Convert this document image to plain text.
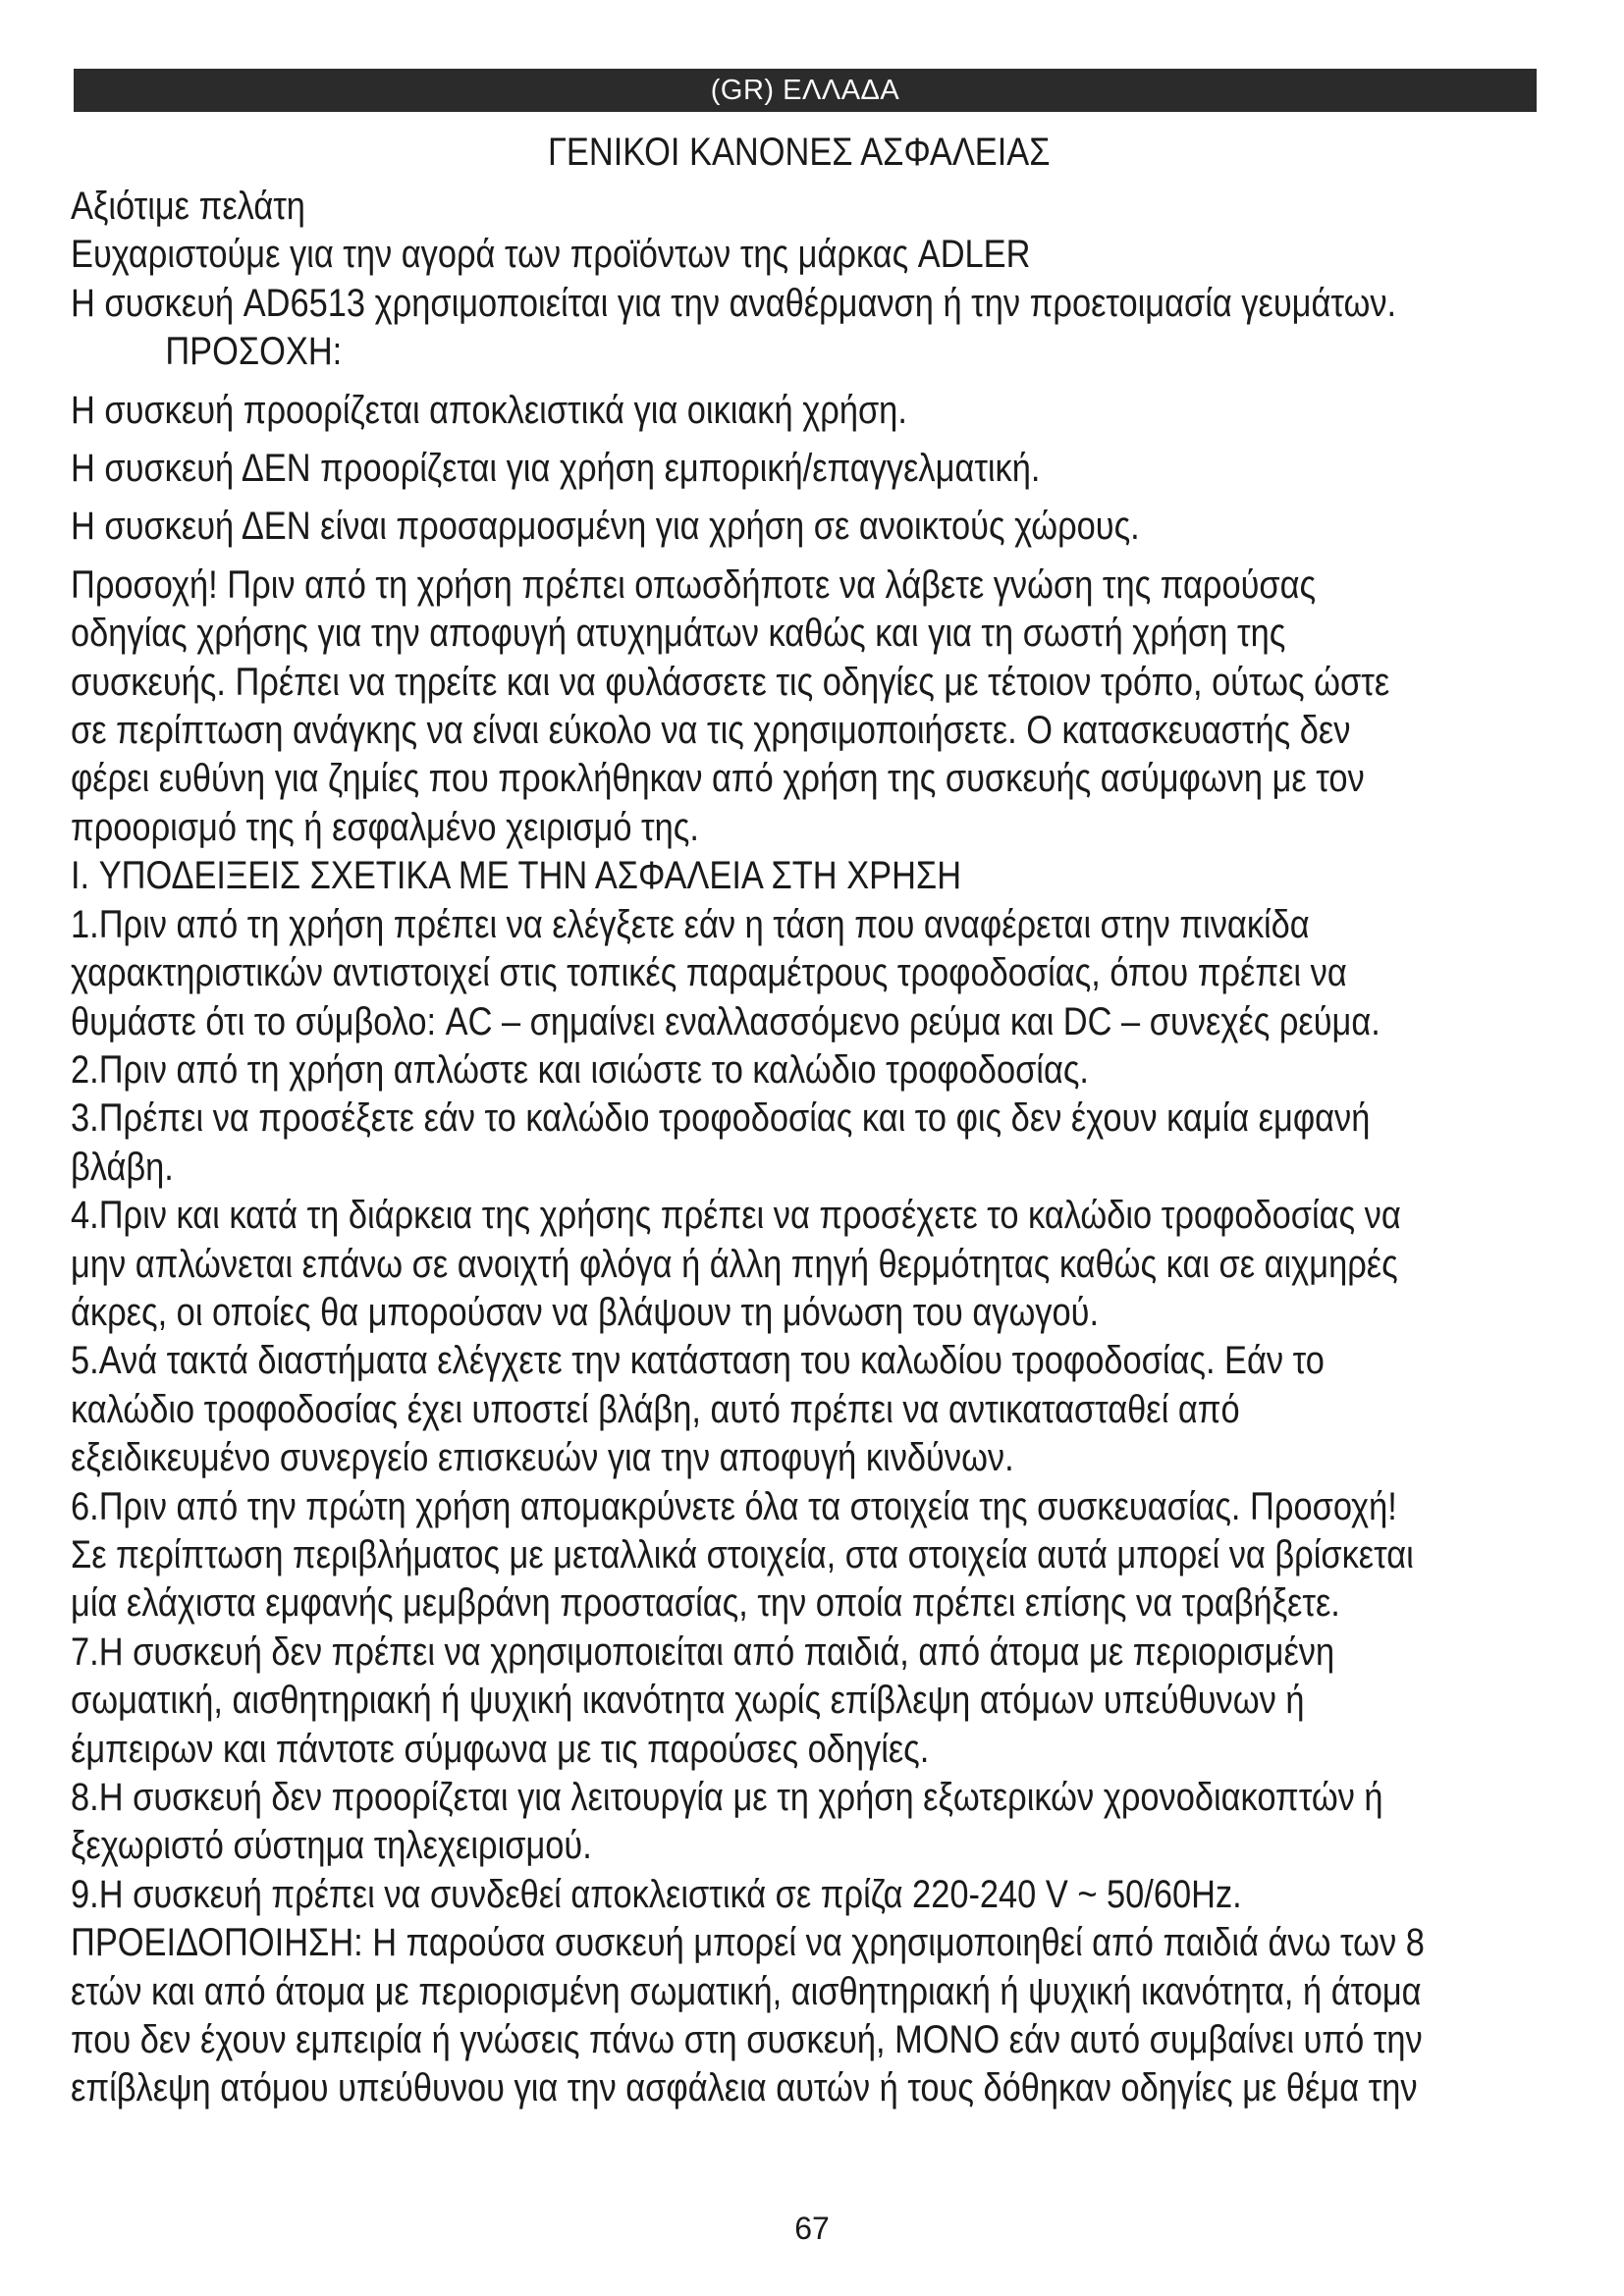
(GR) ΕΛΛΑΔΑ
ΓΕΝΙΚΟΙ ΚΑΝΟΝΕΣ ΑΣΦΑΛΕΙΑΣ

Αξιότιμε πελάτη

Ευχαριστούμε για την αγορά των προϊόντων της μάρκας ADLER

Η συσκευή AD6513 χρησιμοποιείται για την αναθέρμανση ή την προετοιμασία γευμάτων.

ΠΡΟΣΟΧΗ:

Η συσκευή προορίζεται αποκλειστικά για οικιακή χρήση.

Η συσκευή ΔΕΝ προορίζεται για χρήση εμπορική/επαγγελματική.

Η συσκευή ΔΕΝ είναι προσαρμοσμένη για χρήση σε ανοικτούς χώρους.

Προσοχή! Πριν από τη χρήση πρέπει οπωσδήποτε να λάβετε γνώση της παρούσας

οδηγίας χρήσης για την αποφυγή ατυχημάτων καθώς και για τη σωστή χρήση της

συσκευής. Πρέπει να τηρείτε και να φυλάσσετε τις οδηγίες με τέτοιον τρόπο, ούτως ώστε

σε περίπτωση ανάγκης να είναι εύκολο να τις χρησιμοποιήσετε. Ο κατασκευαστής δεν

φέρει ευθύνη για ζημίες που προκλήθηκαν από χρήση της συσκευής ασύμφωνη με τον

προορισμό της ή εσφαλμένο χειρισμό της.

I. ΥΠΟΔΕΙΞΕΙΣ ΣΧΕΤΙΚΑ ΜΕ ΤΗΝ ΑΣΦΑΛΕΙΑ ΣΤΗ ΧΡΗΣΗ

1.Πριν από τη χρήση πρέπει να ελέγξετε εάν η τάση που αναφέρεται στην πινακίδα

χαρακτηριστικών αντιστοιχεί στις τοπικές παραμέτρους τροφοδοσίας, όπου πρέπει να

θυμάστε ότι το σύμβολο: AC – σημαίνει εναλλασσόμενο ρεύμα και DC – συνεχές ρεύμα.

2.Πριν από τη χρήση απλώστε και ισιώστε το καλώδιο τροφοδοσίας.

3.Πρέπει να προσέξετε εάν το καλώδιο τροφοδοσίας και το φις δεν έχουν καμία εμφανή

βλάβη.

4.Πριν και κατά τη διάρκεια της χρήσης πρέπει να προσέχετε το καλώδιο τροφοδοσίας να

μην απλώνεται επάνω σε ανοιχτή φλόγα ή άλλη πηγή θερμότητας καθώς και σε αιχμηρές

άκρες, οι οποίες θα μπορούσαν να βλάψουν τη μόνωση του αγωγού.

5.Ανά τακτά διαστήματα ελέγχετε την κατάσταση του καλωδίου τροφοδοσίας. Εάν το

καλώδιο τροφοδοσίας έχει υποστεί βλάβη, αυτό πρέπει να αντικατασταθεί από

εξειδικευμένο συνεργείο επισκευών για την αποφυγή κινδύνων.

6.Πριν από την πρώτη χρήση απομακρύνετε όλα τα στοιχεία της συσκευασίας. Προσοχή!

Σε περίπτωση περιβλήματος με μεταλλικά στοιχεία, στα στοιχεία αυτά μπορεί να βρίσκεται

μία ελάχιστα εμφανής μεμβράνη προστασίας, την οποία πρέπει επίσης να τραβήξετε.

7.Η συσκευή δεν πρέπει να χρησιμοποιείται από παιδιά, από άτομα με περιορισμένη

σωματική, αισθητηριακή ή ψυχική ικανότητα χωρίς επίβλεψη ατόμων υπεύθυνων ή

έμπειρων και πάντοτε σύμφωνα με τις παρούσες οδηγίες.

8.Η συσκευή δεν προορίζεται για λειτουργία με τη χρήση εξωτερικών χρονοδιακοπτών ή

ξεχωριστό σύστημα τηλεχειρισμού.

9.Η συσκευή πρέπει να συνδεθεί αποκλειστικά σε πρίζα 220-240 V ~ 50/60Hz.

ΠΡΟΕΙΔΟΠΟΙΗΣΗ: Η παρούσα συσκευή μπορεί να χρησιμοποιηθεί από παιδιά άνω των 8

ετών και από άτομα με περιορισμένη σωματική, αισθητηριακή ή ψυχική ικανότητα, ή άτομα

που δεν έχουν εμπειρία ή γνώσεις πάνω στη συσκευή, ΜΟΝΟ εάν αυτό συμβαίνει υπό την

επίβλεψη ατόμου υπεύθυνου για την ασφάλεια αυτών ή τους δόθηκαν οδηγίες με θέμα την

67
